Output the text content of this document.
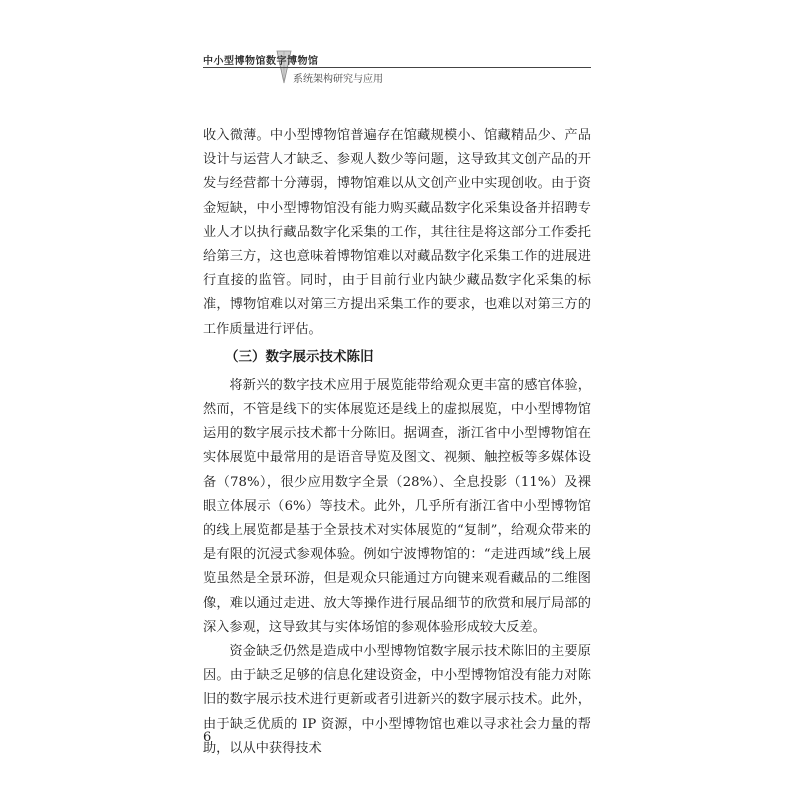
中小型博物馆数字博物馆
系统架构研究与应用

收入微薄。中小型博物馆普遍存在馆藏规模小、馆藏精品少、产品设计与运营人才缺乏、参观人数少等问题，这导致其文创产品的开发与经营都十分薄弱，博物馆难以从文创产业中实现创收。由于资金短缺，中小型博物馆没有能力购买藏品数字化采集设备并招聘专业人才以执行藏品数字化采集的工作，其往往是将这部分工作委托给第三方，这也意味着博物馆难以对藏品数字化采集工作的进展进行直接的监管。同时，由于目前行业内缺少藏品数字化采集的标准，博物馆难以对第三方提出采集工作的要求，也难以对第三方的工作质量进行评估。

（三）数字展示技术陈旧

将新兴的数字技术应用于展览能带给观众更丰富的感官体验，然而，不管是线下的实体展览还是线上的虚拟展览，中小型博物馆运用的数字展示技术都十分陈旧。据调查，浙江省中小型博物馆在实体展览中最常用的是语音导览及图文、视频、触控板等多媒体设备（78%），很少应用数字全景（28%）、全息投影（11%）及裸眼立体展示（6%）等技术。此外，几乎所有浙江省中小型博物馆的线上展览都是基于全景技术对实体展览的“复制”，给观众带来的是有限的沉浸式参观体验。例如宁波博物馆的：“走进西域”线上展览虽然是全景环游，但是观众只能通过方向键来观看藏品的二维图像，难以通过走进、放大等操作进行展品细节的欣赏和展厅局部的深入参观，这导致其与实体场馆的参观体验形成较大反差。

资金缺乏仍然是造成中小型博物馆数字展示技术陈旧的主要原因。由于缺乏足够的信息化建设资金，中小型博物馆没有能力对陈旧的数字展示技术进行更新或者引进新兴的数字展示技术。此外，由于缺乏优质的 IP 资源，中小型博物馆也难以寻求社会力量的帮助，以从中获得技术

6
